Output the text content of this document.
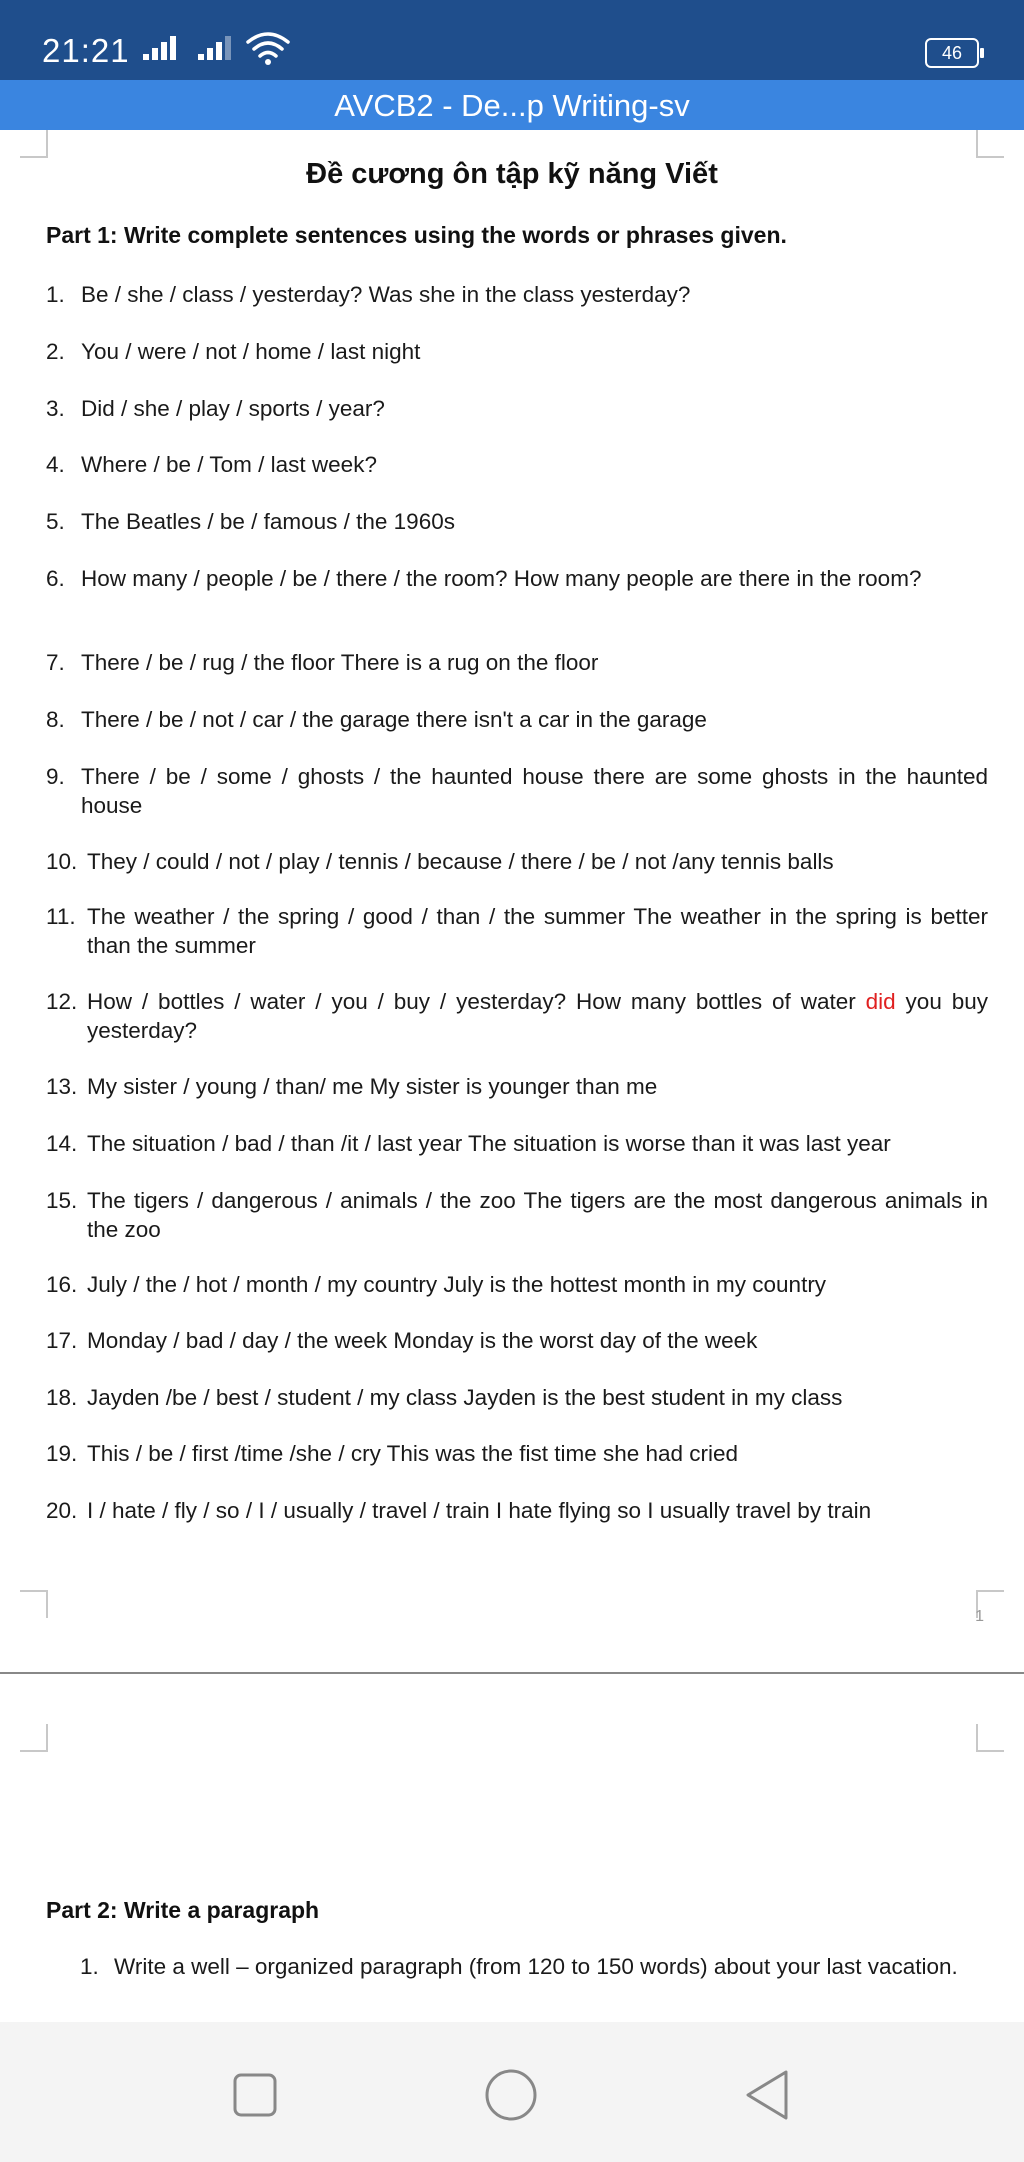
21:21	46
AVCB2 - De...p Writing-sv
Đề cương ôn tập kỹ năng Viết
Part 1: Write complete sentences using the words or phrases given.
1. Be / she / class / yesterday? Was she in the class yesterday?
2. You / were / not / home / last night
3. Did / she / play / sports / year?
4. Where / be / Tom / last week?
5. The Beatles / be / famous / the 1960s
6. How many / people / be / there / the room? How many people are there in the room?
7. There / be / rug / the floor There is a rug on the floor
8. There / be / not / car / the garage there isn't a car in the garage
9. There / be / some / ghosts / the haunted house there are some ghosts in the haunted house
10. They / could / not / play / tennis / because / there / be / not /any tennis balls
11. The weather / the spring / good / than / the summer The weather in the spring is better than the summer
12. How / bottles / water / you / buy / yesterday? How many bottles of water did you buy yesterday?
13. My sister / young / than/ me My sister is younger than me
14. The situation / bad / than /it / last year The situation is worse than it was last year
15. The tigers / dangerous / animals / the zoo The tigers are the most dangerous animals in the zoo
16. July / the / hot / month / my country July is the hottest month in my country
17. Monday / bad / day / the week Monday is the worst day of the week
18. Jayden /be / best / student / my class Jayden is the best student in my class
19. This / be / first /time /she / cry This was the fist time she had cried
20. I / hate / fly / so / I / usually / travel / train I hate flying so I usually travel by train
1
Part 2: Write a paragraph
1. Write a well – organized paragraph (from 120 to 150 words) about your last vacation.
